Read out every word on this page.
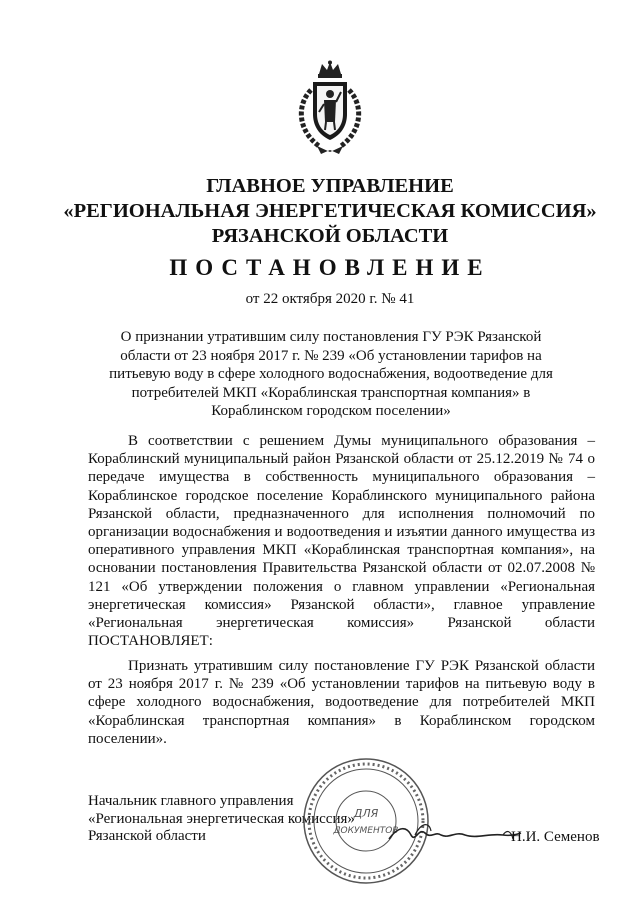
ГЛАВНОЕ УПРАВЛЕНИЕ
«РЕГИОНАЛЬНАЯ ЭНЕРГЕТИЧЕСКАЯ КОМИССИЯ»
РЯЗАНСКОЙ ОБЛАСТИ
ПОСТАНОВЛЕНИЕ
от 22 октября 2020 г. № 41
О признании утратившим силу постановления ГУ РЭК Рязанской области от 23 ноября 2017 г. № 239 «Об установлении тарифов на питьевую воду в сфере холодного водоснабжения, водоотведение для потребителей МКП «Кораблинская транспортная компания» в Кораблинском городском поселении»
В соответствии с решением Думы муниципального образования – Кораблинский муниципальный район Рязанской области от 25.12.2019 № 74 о передаче имущества в собственность муниципального образования – Кораблинское городское поселение Кораблинского муниципального района Рязанской области, предназначенного для исполнения полномочий по организации водоснабжения и водоотведения и изъятии данного имущества из оперативного управления МКП «Кораблинская транспортная компания», на основании постановления Правительства Рязанской области от 02.07.2008 № 121 «Об утверждении положения о главном управлении «Региональная энергетическая комиссия» Рязанской области», главное управление «Региональная энергетическая комиссия» Рязанской области ПОСТАНОВЛЯЕТ:
Признать утратившим силу постановление ГУ РЭК Рязанской области от 23 ноября 2017 г. № 239 «Об установлении тарифов на питьевую воду в сфере холодного водоснабжения, водоотведение для потребителей МКП «Кораблинская транспортная компания» в Кораблинском городском поселении».
Начальник главного управления
«Региональная энергетическая комиссия»
Рязанской области
ДЛЯ
ДОКУМЕНТОВ	Н.И. Семенов
